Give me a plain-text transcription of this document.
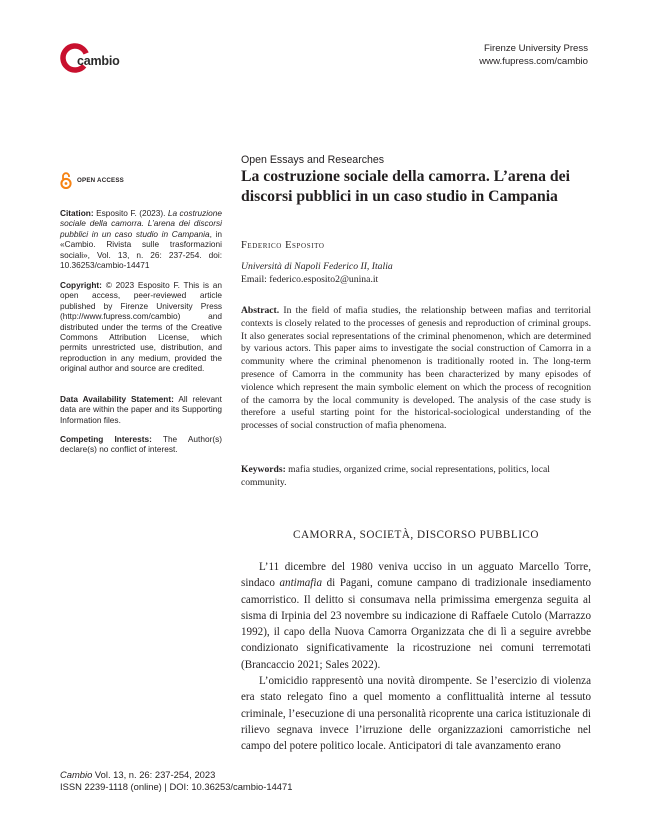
cambio
Firenze University Press
www.fupress.com/cambio
OPEN ACCESS
Citation: Esposito F. (2023). La costruzione sociale della camorra. L’arena dei discorsi pubblici in un caso studio in Campania, in «Cambio. Rivista sulle trasformazioni sociali», Vol. 13, n. 26: 237-254. doi: 10.36253/cambio-14471
Copyright: © 2023 Esposito F. This is an open access, peer-reviewed article published by Firenze University Press (http://www.fupress.com/cambio) and distributed under the terms of the Creative Commons Attribution License, which permits unrestricted use, distribution, and reproduction in any medium, provided the original author and source are credited.
Data Availability Statement: All relevant data are within the paper and its Supporting Information files.
Competing Interests: The Author(s) declare(s) no conflict of interest.
Open Essays and Researches
La costruzione sociale della camorra. L’arena dei discorsi pubblici in un caso studio in Campania
Federico Esposito
Università di Napoli Federico II, Italia
Email: federico.esposito2@unina.it
Abstract. In the field of mafia studies, the relationship between mafias and territorial contexts is closely related to the processes of genesis and reproduction of criminal groups. It also generates social representations of the criminal phenomenon, which are determined by various actors. This paper aims to investigate the social construction of Camorra in a community where the criminal phenomenon is traditionally rooted in. The long-term presence of Camorra in the community has been characterized by many episodes of violence which represent the main symbolic element on which the process of recognition of the camorra by the local community is developed. The analysis of the case study is therefore a useful starting point for the historical-sociological understanding of the processes of social construction of mafia phenomena.
Keywords: mafia studies, organized crime, social representations, politics, local community.
CAMORRA, SOCIETÀ, DISCORSO PUBBLICO

L’11 dicembre del 1980 veniva ucciso in un agguato Marcello Torre, sindaco antimafia di Pagani, comune campano di tradizionale insediamento camorristico. Il delitto si consumava nella primissima emergenza seguita al sisma di Irpinia del 23 novembre su indicazione di Raffaele Cutolo (Marrazzo 1992), il capo della Nuova Camorra Organizzata che di lì a seguire avrebbe condizionato significativamente la ricostruzione nei comuni terremotati (Brancaccio 2021; Sales 2022).

L’omicidio rappresentò una novità dirompente. Se l’esercizio di violenza era stato relegato fino a quel momento a conflittualità interne al tessuto criminale, l’esecuzione di una personalità ricoprente una carica istituzionale di rilievo segnava invece l’irruzione delle organizzazioni camorristiche nel campo del potere politico locale. Anticipatori di tale avanzamento erano

Cambio Vol. 13, n. 26: 237-254, 2023
ISSN 2239-1118 (online) | DOI: 10.36253/cambio-14471
